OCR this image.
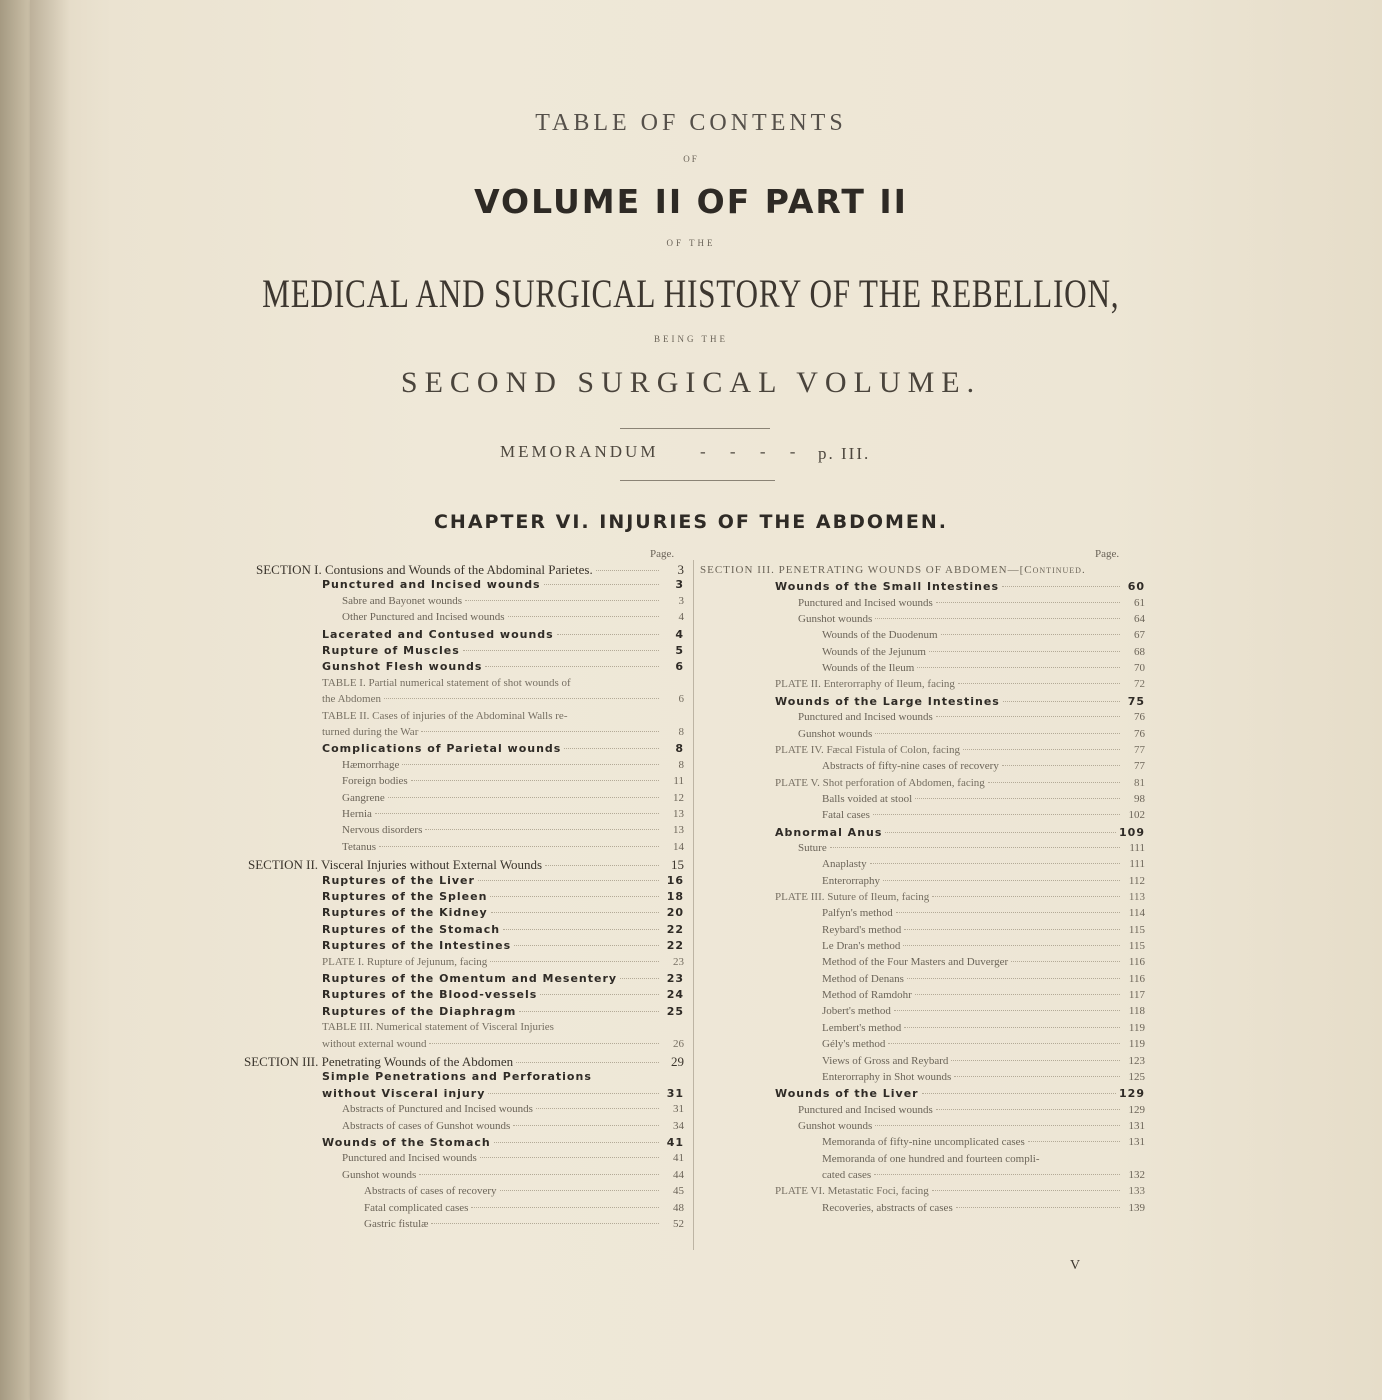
TABLE OF CONTENTS
OF
VOLUME II OF PART II
OF THE
MEDICAL AND SURGICAL HISTORY OF THE REBELLION,
BEING THE
SECOND SURGICAL VOLUME.
MEMORANDUM - - - - p. III.
CHAPTER VI. INJURIES OF THE ABDOMEN.
Page.	Page.
SECTION I. Contusions and Wounds of the Abdominal Parietes.	3
Punctured and Incised wounds	3
Sabre and Bayonet wounds	3
Other Punctured and Incised wounds	4
Lacerated and Contused wounds	4
Rupture of Muscles	5
Gunshot Flesh wounds	6
TABLE I. Partial numerical statement of shot wounds of
the Abdomen	6
TABLE II. Cases of injuries of the Abdominal Walls re-
turned during the War	8
Complications of Parietal wounds	8
Hæmorrhage	8
Foreign bodies	11
Gangrene	12
Hernia	13
Nervous disorders	13
Tetanus	14
SECTION II. Visceral Injuries without External Wounds	15
Ruptures of the Liver	16
Ruptures of the Spleen	18
Ruptures of the Kidney	20
Ruptures of the Stomach	22
Ruptures of the Intestines	22
PLATE I. Rupture of Jejunum, facing	23
Ruptures of the Omentum and Mesentery	23
Ruptures of the Blood-vessels	24
Ruptures of the Diaphragm	25
TABLE III. Numerical statement of Visceral Injuries
without external wound	26
SECTION III. Penetrating Wounds of the Abdomen	29
Simple Penetrations and Perforations
without Visceral injury	31
Abstracts of Punctured and Incised wounds	31
Abstracts of cases of Gunshot wounds	34
Wounds of the Stomach	41
Punctured and Incised wounds	41
Gunshot wounds	44
Abstracts of cases of recovery	45
Fatal complicated cases	48
Gastric fistulæ	52
SECTION III. PENETRATING WOUNDS OF ABDOMEN—[Continued.
Wounds of the Small Intestines	60
Punctured and Incised wounds	61
Gunshot wounds	64
Wounds of the Duodenum	67
Wounds of the Jejunum	68
Wounds of the Ileum	70
PLATE II. Enterorraphy of Ileum, facing	72
Wounds of the Large Intestines	75
Punctured and Incised wounds	76
Gunshot wounds	76
PLATE IV. Fæcal Fistula of Colon, facing	77
Abstracts of fifty-nine cases of recovery	77
PLATE V. Shot perforation of Abdomen, facing	81
Balls voided at stool	98
Fatal cases	102
Abnormal Anus	109
Suture	111
Anaplasty	111
Enterorraphy	112
PLATE III. Suture of Ileum, facing	113
Palfyn's method	114
Reybard's method	115
Le Dran's method	115
Method of the Four Masters and Duverger	116
Method of Denans	116
Method of Ramdohr	117
Jobert's method	118
Lembert's method	119
Gély's method	119
Views of Gross and Reybard	123
Enterorraphy in Shot wounds	125
Wounds of the Liver	129
Punctured and Incised wounds	129
Gunshot wounds	131
Memoranda of fifty-nine uncomplicated cases	131
Memoranda of one hundred and fourteen compli-
cated cases	132
PLATE VI. Metastatic Foci, facing	133
Recoveries, abstracts of cases	139
V
